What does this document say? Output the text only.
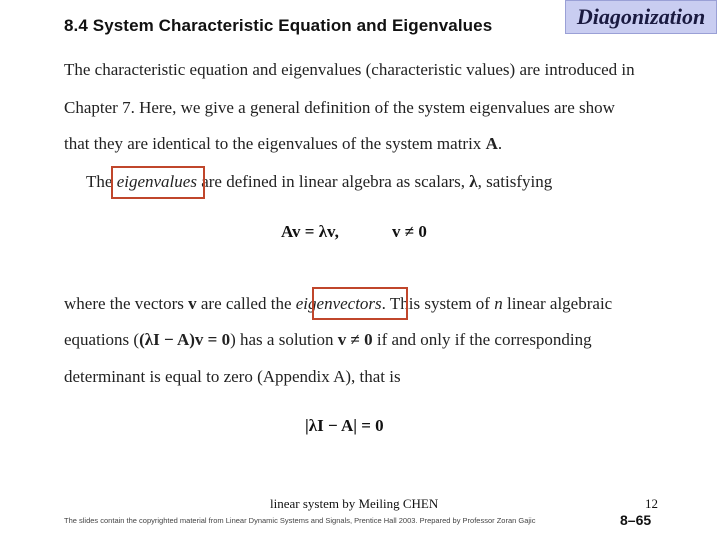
8.4 System Characteristic Equation and Eigenvalues	Diagonization
The characteristic equation and eigenvalues (characteristic values) are introduced in
Chapter 7. Here, we give a general definition of the system eigenvalues are show
that they are identical to the eigenvalues of the system matrix A.
The eigenvalues are defined in linear algebra as scalars, λ, satisfying
Av = λv,	v ≠ 0
where the vectors v are called the eigenvectors. This system of n linear algebraic
equations ((λI − A)v = 0) has a solution v ≠ 0 if and only if the corresponding
determinant is equal to zero (Appendix A), that is
|λI − A| = 0
linear system by Meiling CHEN	12
The slides contain the copyrighted material from Linear Dynamic Systems and Signals, Prentice Hall 2003. Prepared by Professor Zoran Gajic	8–65
